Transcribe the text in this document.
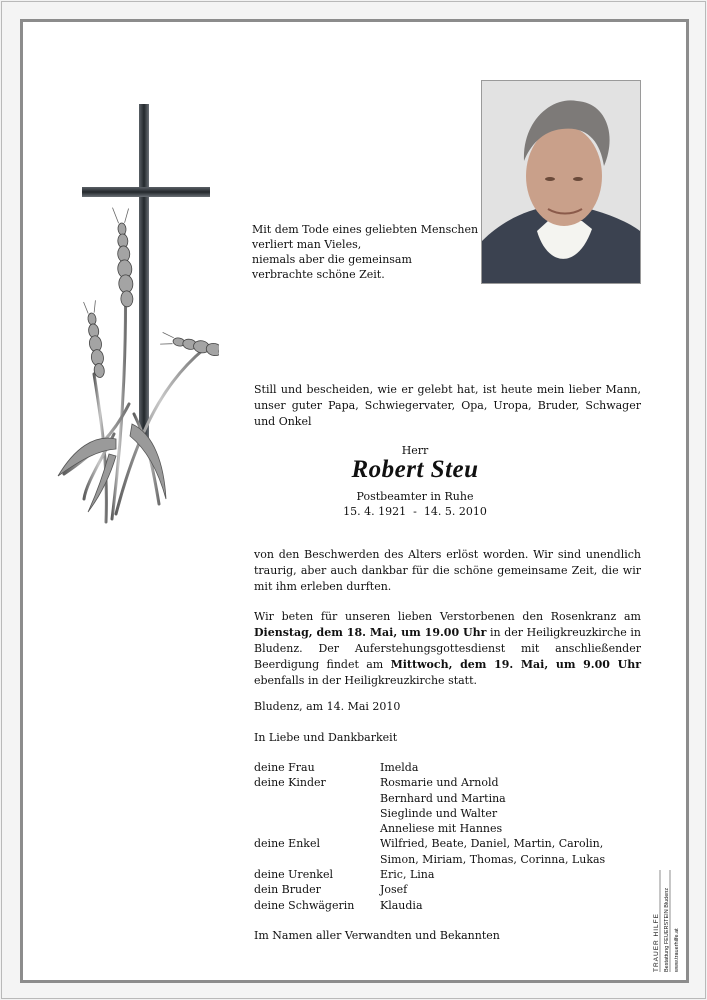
Mit dem Tode eines geliebten Menschen
verliert man Vieles,
niemals aber die gemeinsam
verbrachte schöne Zeit.
Still und bescheiden, wie er gelebt hat, ist heute mein lieber Mann, unser guter Papa, Schwiegervater, Opa, Uropa, Bruder, Schwager und Onkel
Herr
Robert Steu
Postbeamter in Ruhe
15. 4. 1921  -  14. 5. 2010
von den Beschwerden des Alters erlöst worden. Wir sind unendlich traurig, aber auch dankbar für die schöne gemeinsame Zeit, die wir mit ihm erleben durften.
Wir beten für unseren lieben Verstorbenen den Rosenkranz am Dienstag, dem 18. Mai, um 19.00 Uhr in der Heiligkreuzkirche in Bludenz. Der Auferstehungsgottesdienst mit anschließender Beerdigung findet am Mittwoch, dem 19. Mai, um 9.00 Uhr ebenfalls in der Heiligkreuzkirche statt.
Bludenz, am 14. Mai 2010
In Liebe und Dankbarkeit
deine Frau	Imelda
deine Kinder	Rosmarie und Arnold
Bernhard und Martina
Sieglinde und Walter
Anneliese mit Hannes
deine Enkel	Wilfried, Beate, Daniel, Martin, Carolin,
Simon, Miriam, Thomas, Corinna, Lukas
deine Urenkel	Eric, Lina
dein Bruder	Josef
deine Schwägerin	Klaudia
Im Namen aller Verwandten und Bekannten	TRAUER HILFE Bestattung FEUERSTEIN Bludenz www.trauerhilfe.at
